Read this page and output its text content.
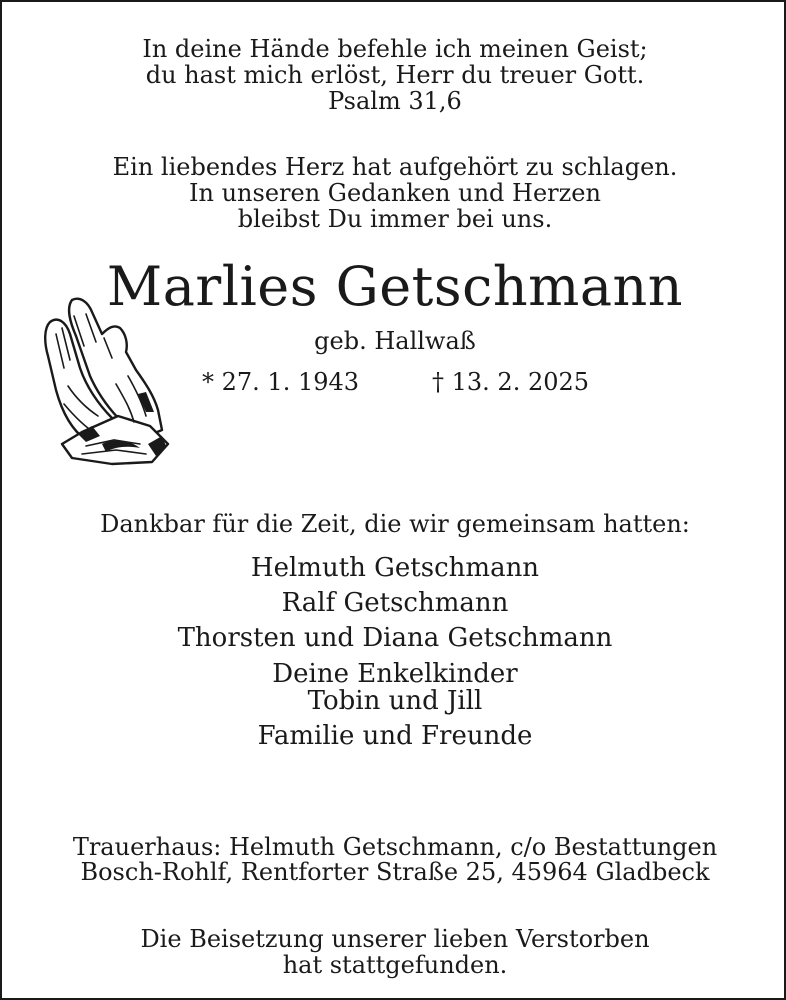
In deine Hände befehle ich meinen Geist;
du hast mich erlöst, Herr du treuer Gott.
Psalm 31,6
Ein liebendes Herz hat aufgehört zu schlagen.
In unseren Gedanken und Herzen
bleibst Du immer bei uns.
Marlies Getschmann
geb. Hallwaß
* 27. 1. 1943	† 13. 2. 2025
Dankbar für die Zeit, die wir gemeinsam hatten:
Helmuth Getschmann
Ralf Getschmann
Thorsten und Diana Getschmann
Deine Enkelkinder
Tobin und Jill
Familie und Freunde
Trauerhaus: Helmuth Getschmann, c/o Bestattungen
Bosch-Rohlf, Rentforter Straße 25, 45964 Gladbeck
Die Beisetzung unserer lieben Verstorben
hat stattgefunden.
